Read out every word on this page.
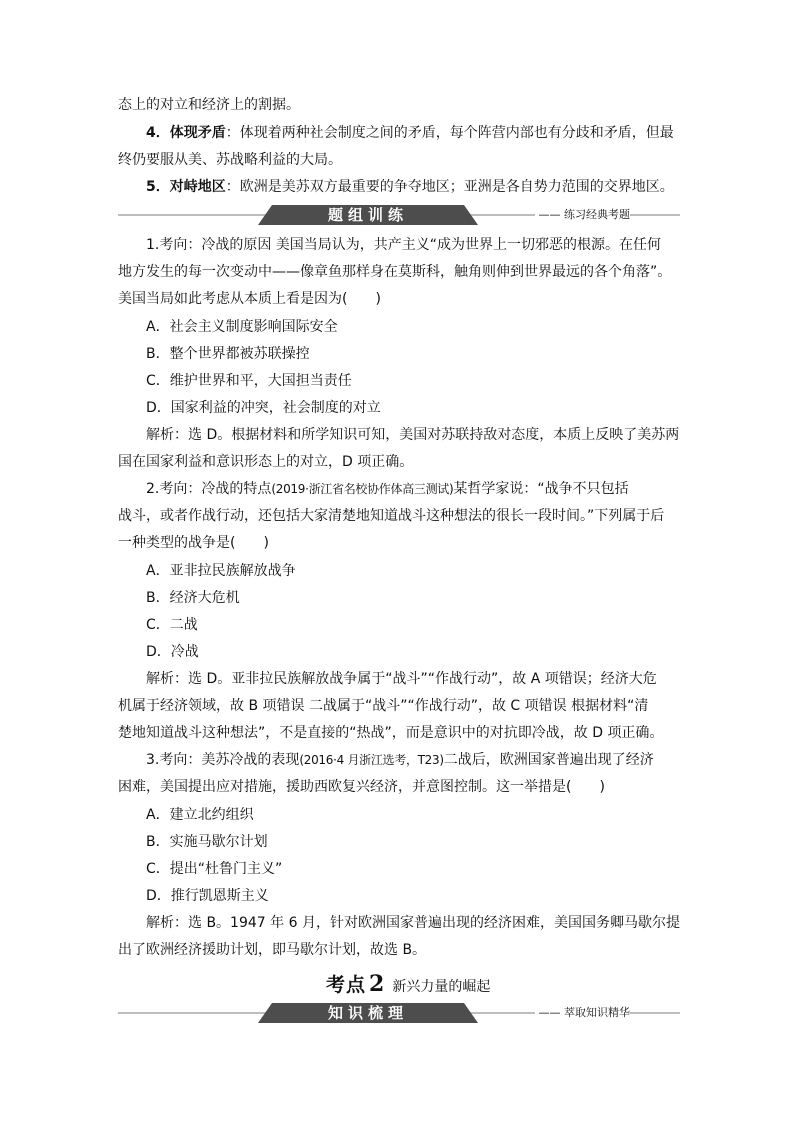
态上的对立和经济上的割据。
4．体现矛盾：体现着两种社会制度之间的矛盾，每个阵营内部也有分歧和矛盾，但最
终仍要服从美、苏战略利益的大局。
5．对峙地区：欧洲是美苏双方最重要的争夺地区；亚洲是各自势力范围的交界地区。
题组训练	—— 练习经典考题
1.考向：冷战的原因 美国当局认为，共产主义“成为世界上一切邪恶的根源。在任何
地方发生的每一次变动中——像章鱼那样身在莫斯科，触角则伸到世界最远的各个角落”。
美国当局如此考虑从本质上看是因为(　　)
A．社会主义制度影响国际安全
B．整个世界都被苏联操控
C．维护世界和平，大国担当责任
D．国家利益的冲突，社会制度的对立
解析：选 D。根据材料和所学知识可知，美国对苏联持敌对态度，本质上反映了美苏两
国在国家利益和意识形态上的对立，D 项正确。
2.考向：冷战的特点(2019·浙江省名校协作体高三测试)某哲学家说：“战争不只包括
战斗，或者作战行动，还包括大家清楚地知道战斗这种想法的很长一段时间。”下列属于后
一种类型的战争是(　　)
A．亚非拉民族解放战争
B．经济大危机
C．二战
D．冷战
解析：选 D。亚非拉民族解放战争属于“战斗”“作战行动”，故 A 项错误；经济大危
机属于经济领域，故 B 项错误 二战属于“战斗”“作战行动”，故 C 项错误 根据材料“清
楚地知道战斗这种想法”，不是直接的“热战”，而是意识中的对抗即冷战，故 D 项正确。
3.考向：美苏冷战的表现(2016·4 月浙江选考，T23)二战后，欧洲国家普遍出现了经济
困难，美国提出应对措施，援助西欧复兴经济，并意图控制。这一举措是(　　)
A．建立北约组织
B．实施马歇尔计划
C．提出“杜鲁门主义”
D．推行凯恩斯主义
解析：选 B。1947 年 6 月，针对欧洲国家普遍出现的经济困难，美国国务卿马歇尔提
出了欧洲经济援助计划，即马歇尔计划，故选 B。
考点 2 新兴力量的崛起
知识梳理	—— 萃取知识精华
